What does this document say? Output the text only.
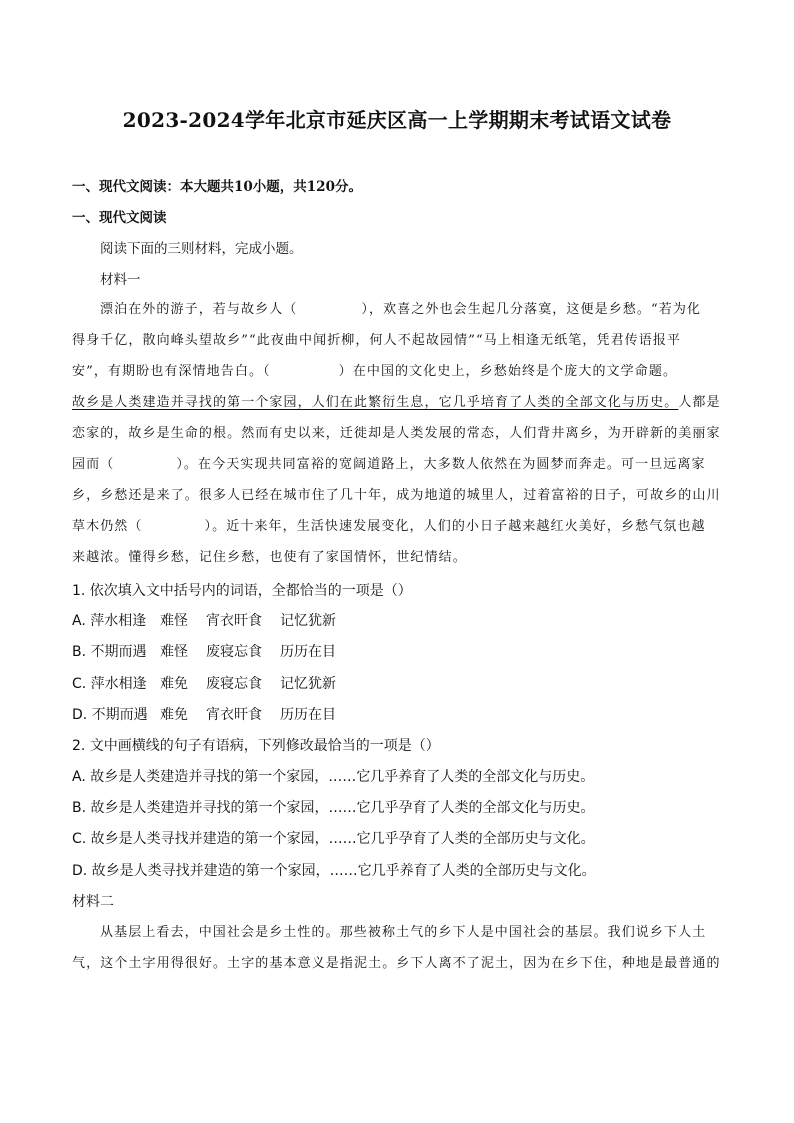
2023-2024学年北京市延庆区高一上学期期末考试语文试卷
一、现代文阅读：本大题共10小题，共120分。
一、现代文阅读
阅读下面的三则材料，完成小题。
材料一
漂泊在外的游子，若与故乡人（	），欢喜之外也会生起几分落寞，这便是乡愁。“若为化
得身千亿，散向峰头望故乡”“此夜曲中闻折柳，何人不起故园情”“马上相逢无纸笔，凭君传语报平
安”，有期盼也有深情地告白。（	）在中国的文化史上，乡愁始终是个庞大的文学命题。
故乡是人类建造并寻找的第一个家园，人们在此繁衍生息，它几乎培育了人类的全部文化与历史。人都是
恋家的，故乡是生命的根。然而有史以来，迁徙却是人类发展的常态，人们背井离乡，为开辟新的美丽家
园而（	）。在今天实现共同富裕的宽阔道路上，大多数人依然在为圆梦而奔走。可一旦远离家
乡，乡愁还是来了。很多人已经在城市住了几十年，成为地道的城里人，过着富裕的日子，可故乡的山川
草木仍然（	）。近十来年，生活快速发展变化，人们的小日子越来越红火美好，乡愁气氛也越
来越浓。懂得乡愁，记住乡愁，也使有了家国情怀，世纪情结。
1. 依次填入文中括号内的词语，全都恰当的一项是（）
A. 萍水相逢 难怪 宵衣旰食 记忆犹新
B. 不期而遇 难怪 废寝忘食 历历在目
C. 萍水相逢 难免 废寝忘食 记忆犹新
D. 不期而遇 难免 宵衣旰食 历历在目
2. 文中画横线的句子有语病，下列修改最恰当的一项是（）
A. 故乡是人类建造并寻找的第一个家园，……它几乎养育了人类的全部文化与历史。
B. 故乡是人类建造并寻找的第一个家园，……它几乎孕育了人类的全部文化与历史。
C. 故乡是人类寻找并建造的第一个家园，……它几乎孕育了人类的全部历史与文化。
D. 故乡是人类寻找并建造的第一个家园，……它几乎养育了人类的全部历史与文化。
材料二
从基层上看去，中国社会是乡土性的。那些被称土气的乡下人是中国社会的基层。我们说乡下人土
气，这个土字用得很好。土字的基本意义是指泥土。乡下人离不了泥土，因为在乡下住，种地是最普通的
